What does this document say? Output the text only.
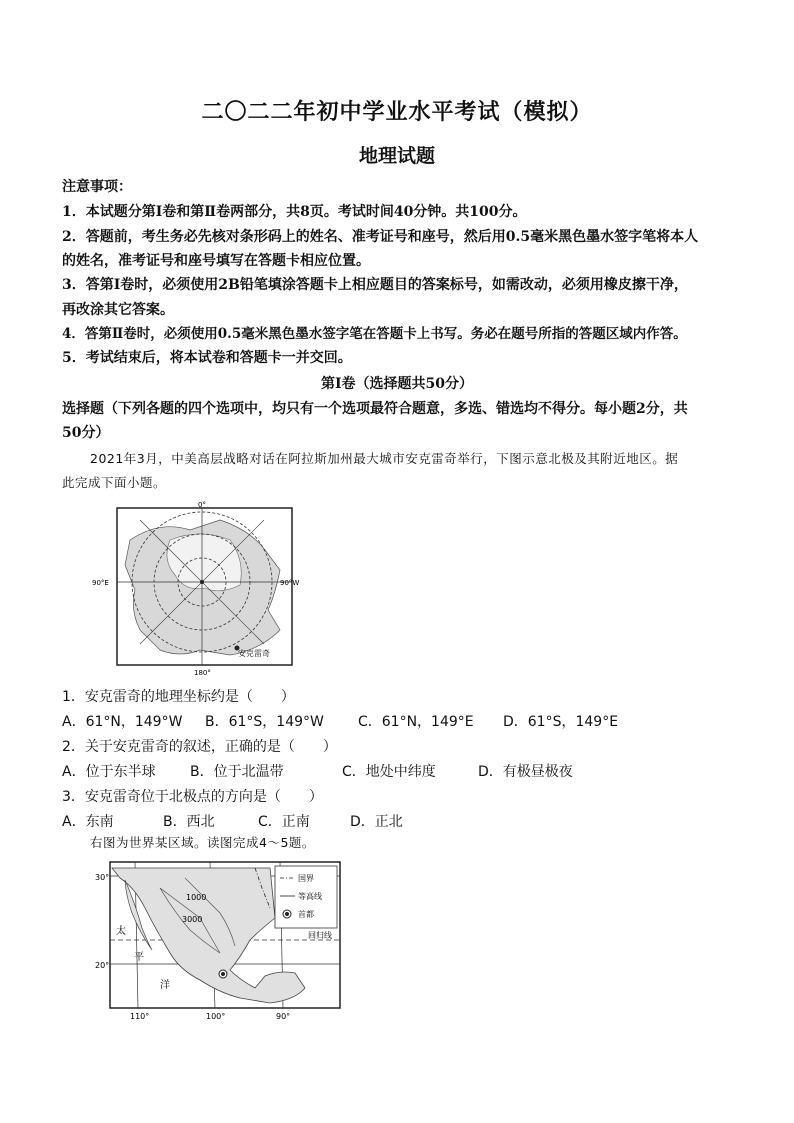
二〇二二年初中学业水平考试（模拟）
地理试题
注意事项：
1．本试题分第Ⅰ卷和第Ⅱ卷两部分，共8页。考试时间40分钟。共100分。
2．答题前，考生务必先核对条形码上的姓名、准考证号和座号，然后用0.5毫米黑色墨水签字笔将本人
的姓名，准考证号和座号填写在答题卡相应位置。
3．答第Ⅰ卷时，必须使用2B铅笔填涂答题卡上相应题目的答案标号，如需改动，必须用橡皮擦干净，
再改涂其它答案。
4．答第Ⅱ卷时，必须使用0.5毫米黑色墨水签字笔在答题卡上书写。务必在题号所指的答题区域内作答。
5．考试结束后，将本试卷和答题卡一并交回。
第Ⅰ卷（选择题共50分）
选择题（下列各题的四个选项中，均只有一个选项最符合题意，多选、错选均不得分。每小题2分，共
50分）
2021年3月，中美高层战略对话在阿拉斯加州最大城市安克雷奇举行，下图示意北极及其附近地区。据
此完成下面小题。
0°
90°E	90°W
180°
安克雷奇
1．安克雷奇的地理坐标约是（　　）
A．61°N，149°W B．61°S，149°W C．61°N，149°E D．61°S，149°E
2．关于安克雷奇的叙述，正确的是（　　）
A．位于东半球 B．位于北温带	C．地处中纬度	D．有极昼极夜
3．安克雷奇位于北极点的方向是（　　）
A．东南	B．西北	C．正南	D．正北
右图为世界某区域。读图完成4～5题。
国界
等高线
首都
30°
20°
110°	100°	90°
1000
3000
太
平
洋
回归线
